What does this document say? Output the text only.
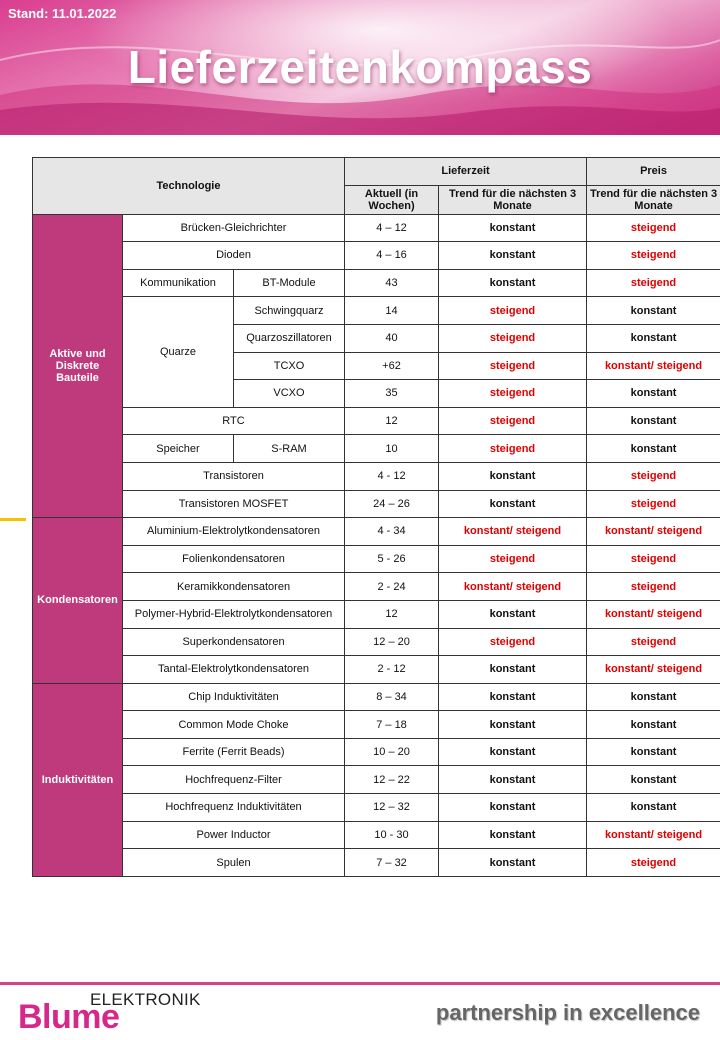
Stand: 11.01.2022
Lieferzeitenkompass
Technologie			Lieferzeit		Preis
			Aktuell (in Wochen)	Trend für die nächsten 3 Monate	Trend für die nächsten 3 Monate
Aktive und Diskrete Bauteile	Brücken-Gleichrichter		4 – 12	konstant	steigend
	Dioden		4 – 16	konstant	steigend
	Kommunikation	BT-Module	43	konstant	steigend
	Quarze	Schwingquarz	14	steigend	konstant
		Quarzoszillatoren	40	steigend	konstant
		TCXO	+62	steigend	konstant/ steigend
		VCXO	35	steigend	konstant
	RTC		12	steigend	konstant
	Speicher	S-RAM	10	steigend	konstant
	Transistoren		4 - 12	konstant	steigend
	Transistoren MOSFET		24 – 26	konstant	steigend
Kondensatoren	Aluminium-Elektrolytkondensatoren		4 - 34	konstant/ steigend	konstant/ steigend
	Folienkondensatoren		5 - 26	steigend	steigend
	Keramikkondensatoren		2 - 24	konstant/ steigend	steigend
	Polymer-Hybrid-Elektrolytkondensatoren		12	konstant	konstant/ steigend
	Superkondensatoren		12 – 20	steigend	steigend
	Tantal-Elektrolytkondensatoren		2 - 12	konstant	konstant/ steigend
Induktivitäten	Chip Induktivitäten		8 – 34	konstant	konstant
	Common Mode Choke		7 – 18	konstant	konstant
	Ferrite (Ferrit Beads)		10 – 20	konstant	konstant
	Hochfrequenz-Filter		12 – 22	konstant	konstant
	Hochfrequenz Induktivitäten		12 – 32	konstant	konstant
	Power Inductor		10 - 30	konstant	konstant/ steigend
	Spulen		7 – 32	konstant	steigend
ELEKTRONIK
Blume	partnership in excellence
